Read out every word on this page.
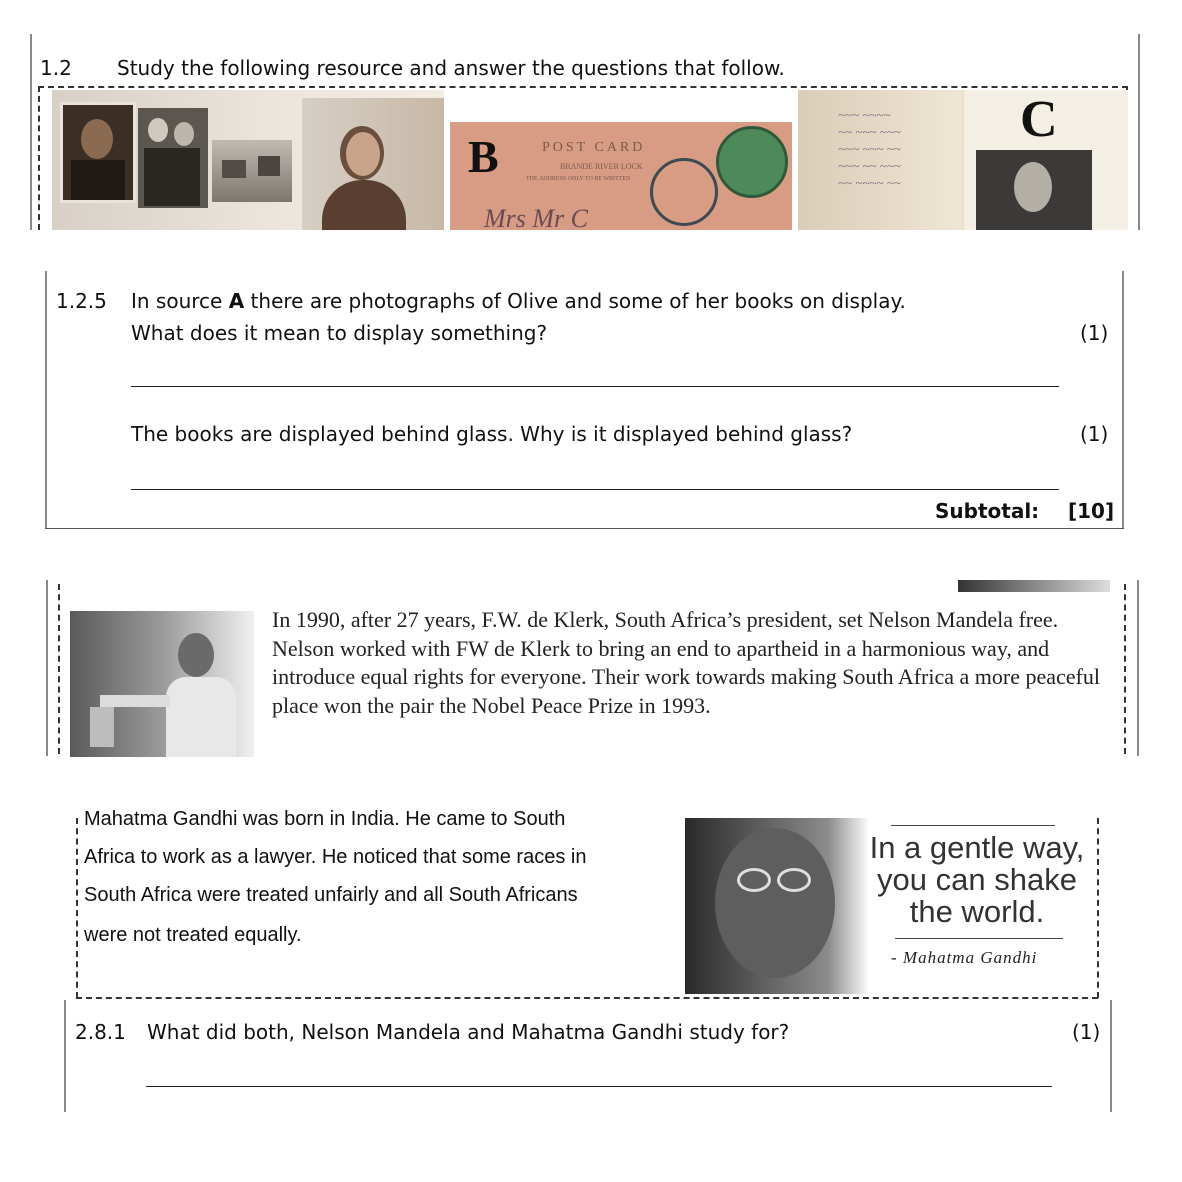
1.2 Study the following resource and answer the questions that follow.
B	POST CARD
BRANDE RIVER LOCK
THE ADDRESS ONLY TO BE WRITTEN
Mrs Mr C
~~~ ~~~~
~~ ~~~ ~~~
~~~ ~~~ ~~
~~~ ~~ ~~~
~~ ~~~~ ~~
C
1.2.5 In source A there are photographs of Olive and some of her books on display.
What does it mean to display something?	(1)
The books are displayed behind glass. Why is it displayed behind glass?	(1)
Subtotal: [10]
In 1990, after 27 years, F.W. de Klerk, South Africa’s president, set Nelson Mandela free. Nelson worked with FW de Klerk to bring an end to apartheid in a harmonious way, and introduce equal rights for everyone. Their work towards making South Africa a more peaceful place won the pair the Nobel Peace Prize in 1993.
Mahatma Gandhi was born in India. He came to South
Africa to work as a lawyer. He noticed that some races in
South Africa were treated unfairly and all South Africans
were not treated equally.
In a gentle way,
you can shake
the world.
- Mahatma Gandhi
2.8.1 What did both, Nelson Mandela and Mahatma Gandhi study for?	(1)
